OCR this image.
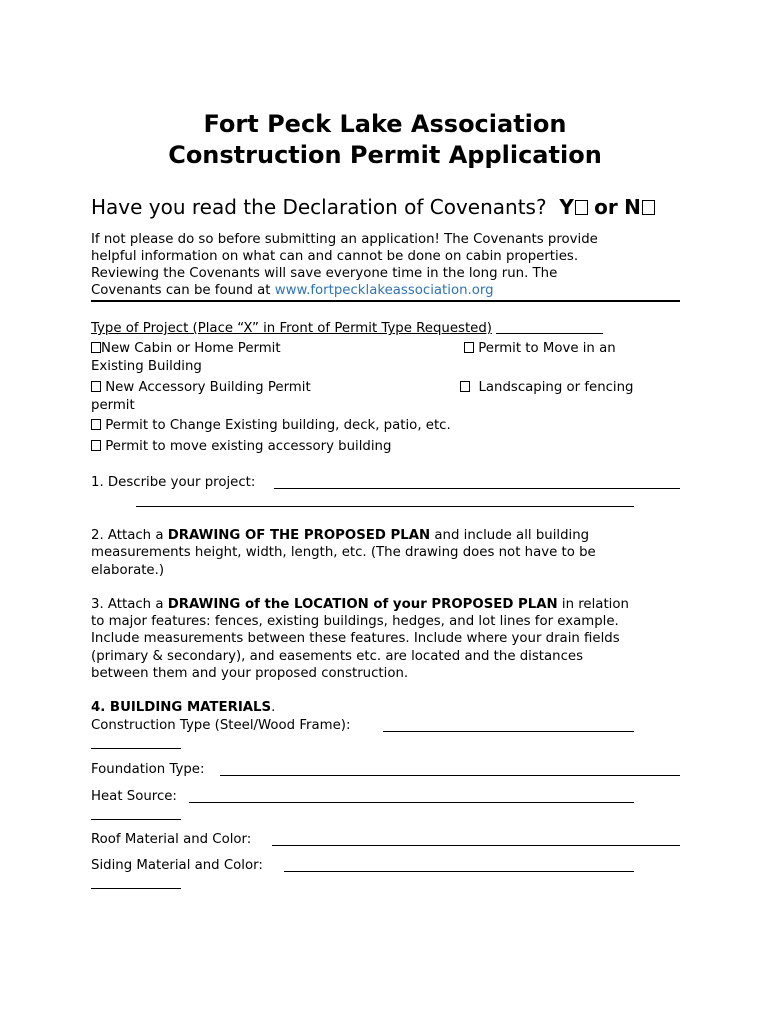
Fort Peck Lake Association
Construction Permit Application
Have you read the Declaration of Covenants? Y or N
If not please do so before submitting an application! The Covenants provide
helpful information on what can and cannot be done on cabin properties.
Reviewing the Covenants will save everyone time in the long run. The
Covenants can be found at www.fortpecklakeassociation.org
Type of Project (Place “X” in Front of Permit Type Requested)
New Cabin or Home Permit	Permit to Move in an
Existing Building
New Accessory Building Permit	Landscaping or fencing
permit
Permit to Change Existing building, deck, patio, etc.
Permit to move existing accessory building
1. Describe your project:
2. Attach a DRAWING OF THE PROPOSED PLAN and include all building
measurements height, width, length, etc. (The drawing does not have to be
elaborate.)
3. Attach a DRAWING of the LOCATION of your PROPOSED PLAN in relation
to major features: fences, existing buildings, hedges, and lot lines for example.
Include measurements between these features. Include where your drain fields
(primary & secondary), and easements etc. are located and the distances
between them and your proposed construction.
4. BUILDING MATERIALS.
Construction Type (Steel/Wood Frame):
Foundation Type:
Heat Source:
Roof Material and Color:
Siding Material and Color:
